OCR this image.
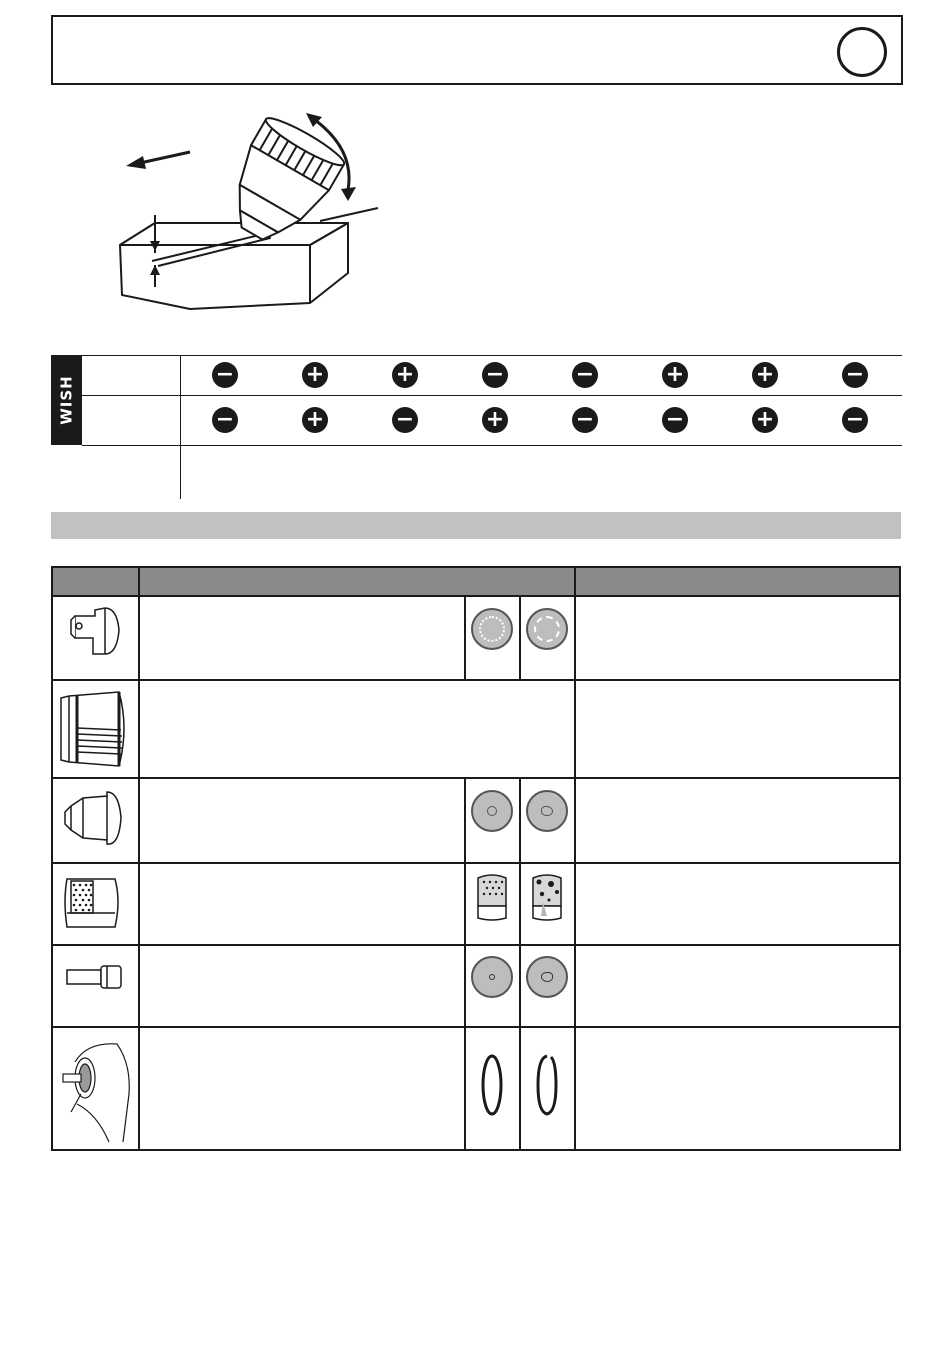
WISH
−	+	+	−	−	+	+	−
−	+	−	+	−	−	+	−
